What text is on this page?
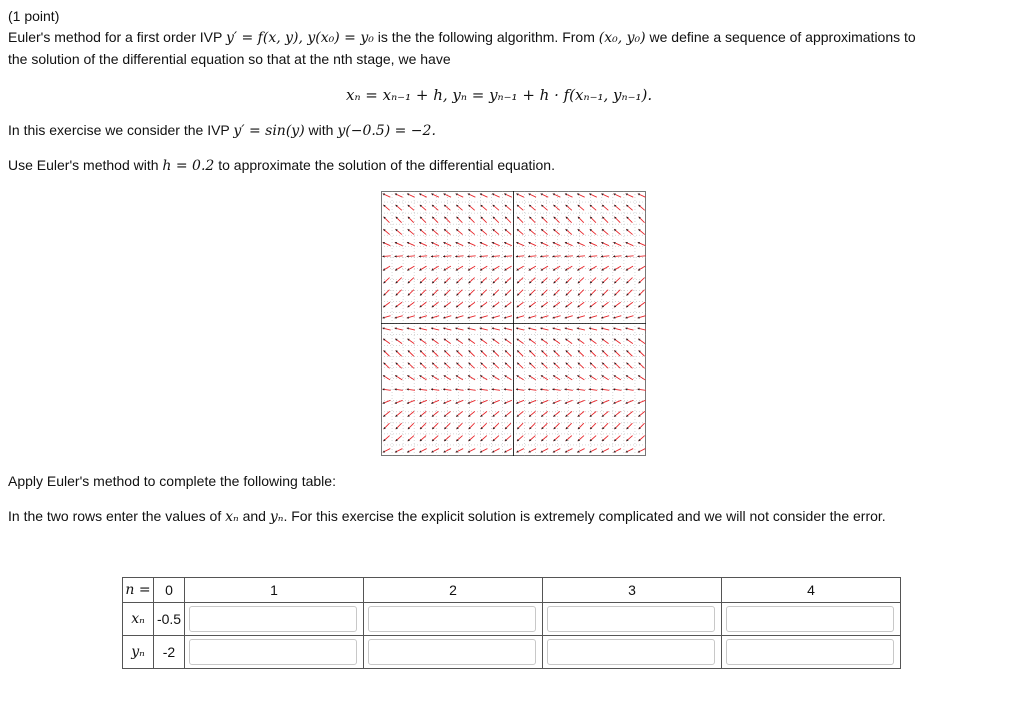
(1 point)
Euler's method for a first order IVP y′ = f(x, y), y(x₀) = y₀ is the the following algorithm. From (x₀, y₀) we define a sequence of approximations to
the solution of the differential equation so that at the nth stage, we have
xₙ = xₙ₋₁ + h, yₙ = yₙ₋₁ + h · f(xₙ₋₁, yₙ₋₁).
In this exercise we consider the IVP y′ = sin(y) with y(−0.5) = −2.
Use Euler's method with h = 0.2 to approximate the solution of the differential equation.
Apply Euler's method to complete the following table:
In the two rows enter the values of xₙ and yₙ. For this exercise the explicit solution is extremely complicated and we will not consider the error.
n =	0	1	2	3	4
xₙ	-0.5	

yₙ	-2	
